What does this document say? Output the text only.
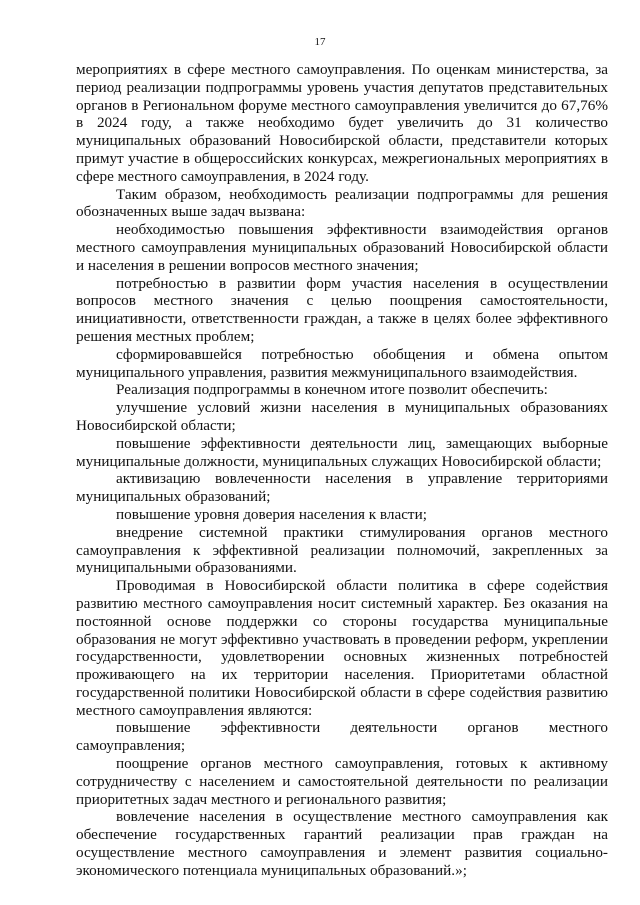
17

мероприятиях в сфере местного самоуправления. По оценкам министерства, за период реализации подпрограммы уровень участия депутатов представительных органов в Региональном форуме местного самоуправления увеличится до 67,76% в 2024 году, а также необходимо будет увеличить до 31 количество муниципальных образований Новосибирской области, представители которых примут участие в общероссийских конкурсах, межрегиональных мероприятиях в сфере местного самоуправления, в 2024 году.

Таким образом, необходимость реализации подпрограммы для решения обозначенных выше задач вызвана:

необходимостью повышения эффективности взаимодействия органов местного самоуправления муниципальных образований Новосибирской области и населения в решении вопросов местного значения;

потребностью в развитии форм участия населения в осуществлении вопросов местного значения с целью поощрения самостоятельности, инициативности, ответственности граждан, а также в целях более эффективного решения местных проблем;

сформировавшейся потребностью обобщения и обмена опытом муниципального управления, развития межмуниципального взаимодействия.

Реализация подпрограммы в конечном итоге позволит обеспечить:

улучшение условий жизни населения в муниципальных образованиях Новосибирской области;

повышение эффективности деятельности лиц, замещающих выборные муниципальные должности, муниципальных служащих Новосибирской области;

активизацию вовлеченности населения в управление территориями муниципальных образований;

повышение уровня доверия населения к власти;

внедрение системной практики стимулирования органов местного самоуправления к эффективной реализации полномочий, закрепленных за муниципальными образованиями.

Проводимая в Новосибирской области политика в сфере содействия развитию местного самоуправления носит системный характер. Без оказания на постоянной основе поддержки со стороны государства муниципальные образования не могут эффективно участвовать в проведении реформ, укреплении государственности, удовлетворении основных жизненных потребностей проживающего на их территории населения. Приоритетами областной государственной политики Новосибирской области в сфере содействия развитию местного самоуправления являются:

повышение эффективности деятельности органов местного самоуправления;

поощрение органов местного самоуправления, готовых к активному сотрудничеству с населением и самостоятельной деятельности по реализации приоритетных задач местного и регионального развития;

вовлечение населения в осуществление местного самоуправления как обеспечение государственных гарантий реализации прав граждан на осуществление местного самоуправления и элемент развития социально-экономического потенциала муниципальных образований.»;
